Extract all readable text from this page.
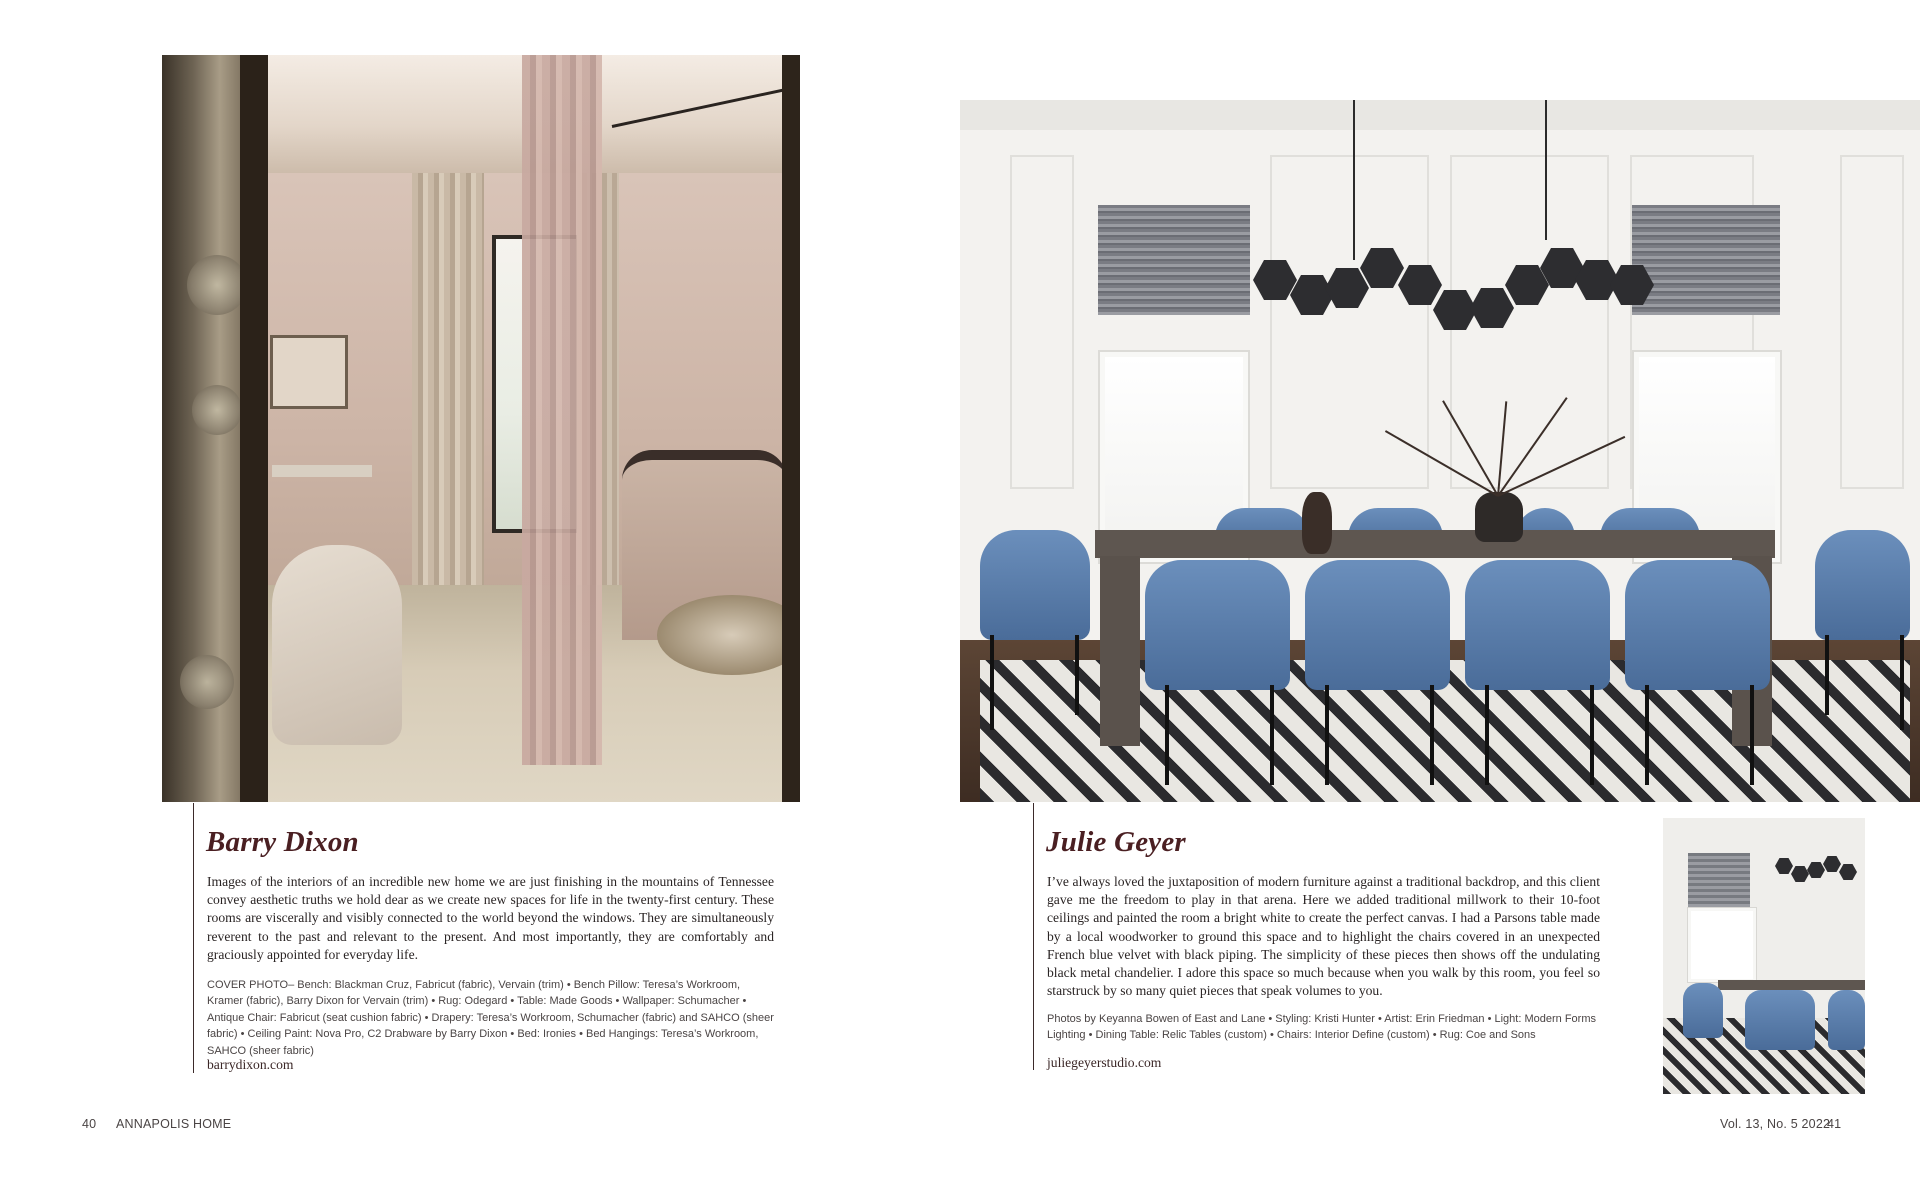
Barry Dixon

Images of the interiors of an incredible new home we are just finishing in the mountains of Tennessee convey aesthetic truths we hold dear as we create new spaces for life in the twenty-first century. These rooms are viscerally and visibly connected to the world beyond the windows. They are simultaneously reverent to the past and relevant to the present. And most importantly, they are comfortably and graciously appointed for everyday life.

COVER PHOTO– Bench: Blackman Cruz, Fabricut (fabric), Vervain (trim) • Bench Pillow: Teresa’s Workroom, Kramer (fabric), Barry Dixon for Vervain (trim) • Rug: Odegard • Table: Made Goods • Wallpaper: Schumacher • Antique Chair: Fabricut (seat cushion fabric) • Drapery: Teresa’s Workroom, Schumacher (fabric) and SAHCO (sheer fabric) • Ceiling Paint: Nova Pro, C2 Drabware by Barry Dixon • Bed: Ironies • Bed Hangings: Teresa’s Workroom, SAHCO (sheer fabric)

barrydixon.com

40 ANNAPOLIS HOME

Julie Geyer

I’ve always loved the juxtaposition of modern furniture against a traditional backdrop, and this client gave me the freedom to play in that arena. Here we added traditional millwork to their 10-foot ceilings and painted the room a bright white to create the perfect canvas. I had a Parsons table made by a local woodworker to ground this space and to highlight the chairs covered in an unexpected French blue velvet with black piping. The simplicity of these pieces then shows off the undulating black metal chandelier. I adore this space so much because when you walk by this room, you feel so starstruck by so many quiet pieces that speak volumes to you.

Photos by Keyanna Bowen of East and Lane • Styling: Kristi Hunter • Artist: Erin Friedman • Light: Modern Forms Lighting • Dining Table: Relic Tables (custom) • Chairs: Interior Define (custom) • Rug: Coe and Sons

juliegeyerstudio.com

Vol. 13, No. 5 2022

41
